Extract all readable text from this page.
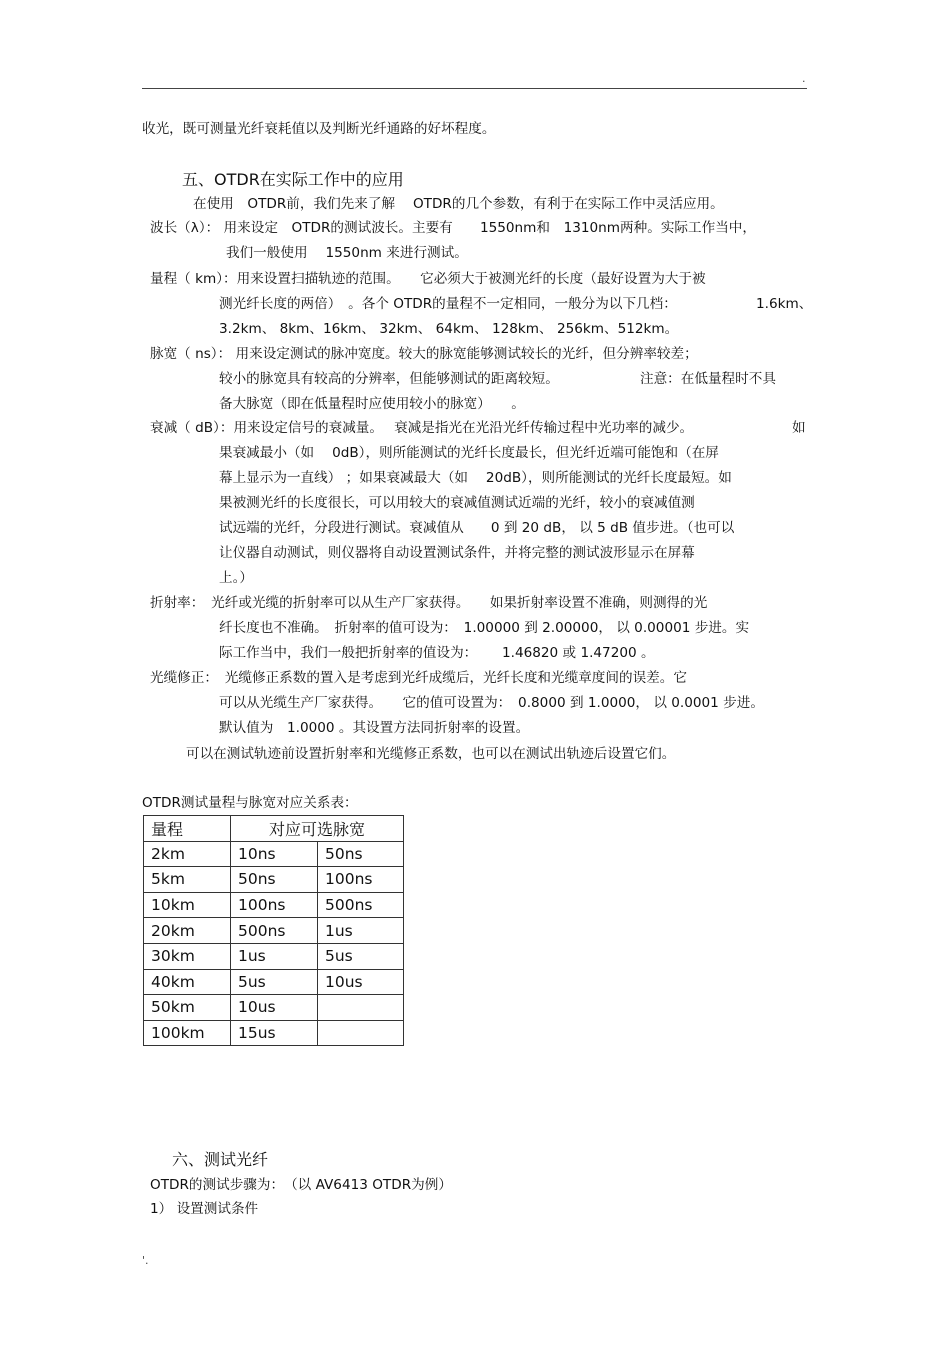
.
收光，既可测量光纤衰耗值以及判断光纤通路的好坏程度。
五、OTDR在实际工作中的应用
在使用　OTDR前，我们先来了解　 OTDR的几个参数，有利于在实际工作中灵活应用。
波长（λ）： 用来设定　OTDR的测试波长。主要有　　1550nm和　1310nm两种。实际工作当中，
我们一般使用　 1550nm 来进行测试。
量程（ km）：用来设置扫描轨迹的范围。　　它必须大于被测光纤的长度（最好设置为大于被
测光纤长度的两倍）　。各个 OTDR的量程不一定相同，一般分为以下几档：	1.6km、
3.2km、 8km、16km、 32km、 64km、 128km、 256km、512km。
脉宽（ ns）： 用来设定测试的脉冲宽度。较大的脉宽能够测试较长的光纤，但分辨率较差；
较小的脉宽具有较高的分辨率，但能够测试的距离较短。	注意：在低量程时不具
备大脉宽（即在低量程时应使用较小的脉宽）　　。
衰减（ dB）：用来设定信号的衰减量。　 衰减是指光在光沿光纤传输过程中光功率的减少。	如
果衰减最小（如　 0dB），则所能测试的光纤长度最长，但光纤近端可能饱和（在屏
幕上显示为一直线） ；如果衰减最大（如　 20dB），则所能测试的光纤长度最短。如
果被测光纤的长度很长，可以用较大的衰减值测试近端的光纤，较小的衰减值测
试远端的光纤，分段进行测试。衰减值从　　0 到 20 dB， 以 5 dB 值步进。（也可以
让仪器自动测试，则仪器将自动设置测试条件，并将完整的测试波形显示在屏幕
上。）
折射率：　光纤或光缆的折射率可以从生产厂家获得。　　如果折射率设置不准确，则测得的光
纤长度也不准确。　折射率的值可设为：　1.00000 到 2.00000， 以 0.00001 步进。实
际工作当中，我们一般把折射率的值设为：　　 1.46820 或 1.47200 。
光缆修正：　光缆修正系数的置入是考虑到光纤成缆后，光纤长度和光缆章度间的误差。它
可以从光缆生产厂家获得。　　它的值可设置为：　0.8000 到 1.0000， 以 0.0001 步进。
默认值为　1.0000 。其设置方法同折射率的设置。
可以在测试轨迹前设置折射率和光缆修正系数，也可以在测试出轨迹后设置它们。
OTDR测试量程与脉宽对应关系表：
量程	对应可选脉宽	
2km	10ns	50ns
5km	50ns	100ns
10km	100ns	500ns
20km	500ns	1us
30km	1us	5us
40km	5us	10us
50km	10us	
100km	15us	
六、测试光纤
OTDR的测试步骤为：　（以 AV6413 OTDR为例）
1） 设置测试条件
'.
